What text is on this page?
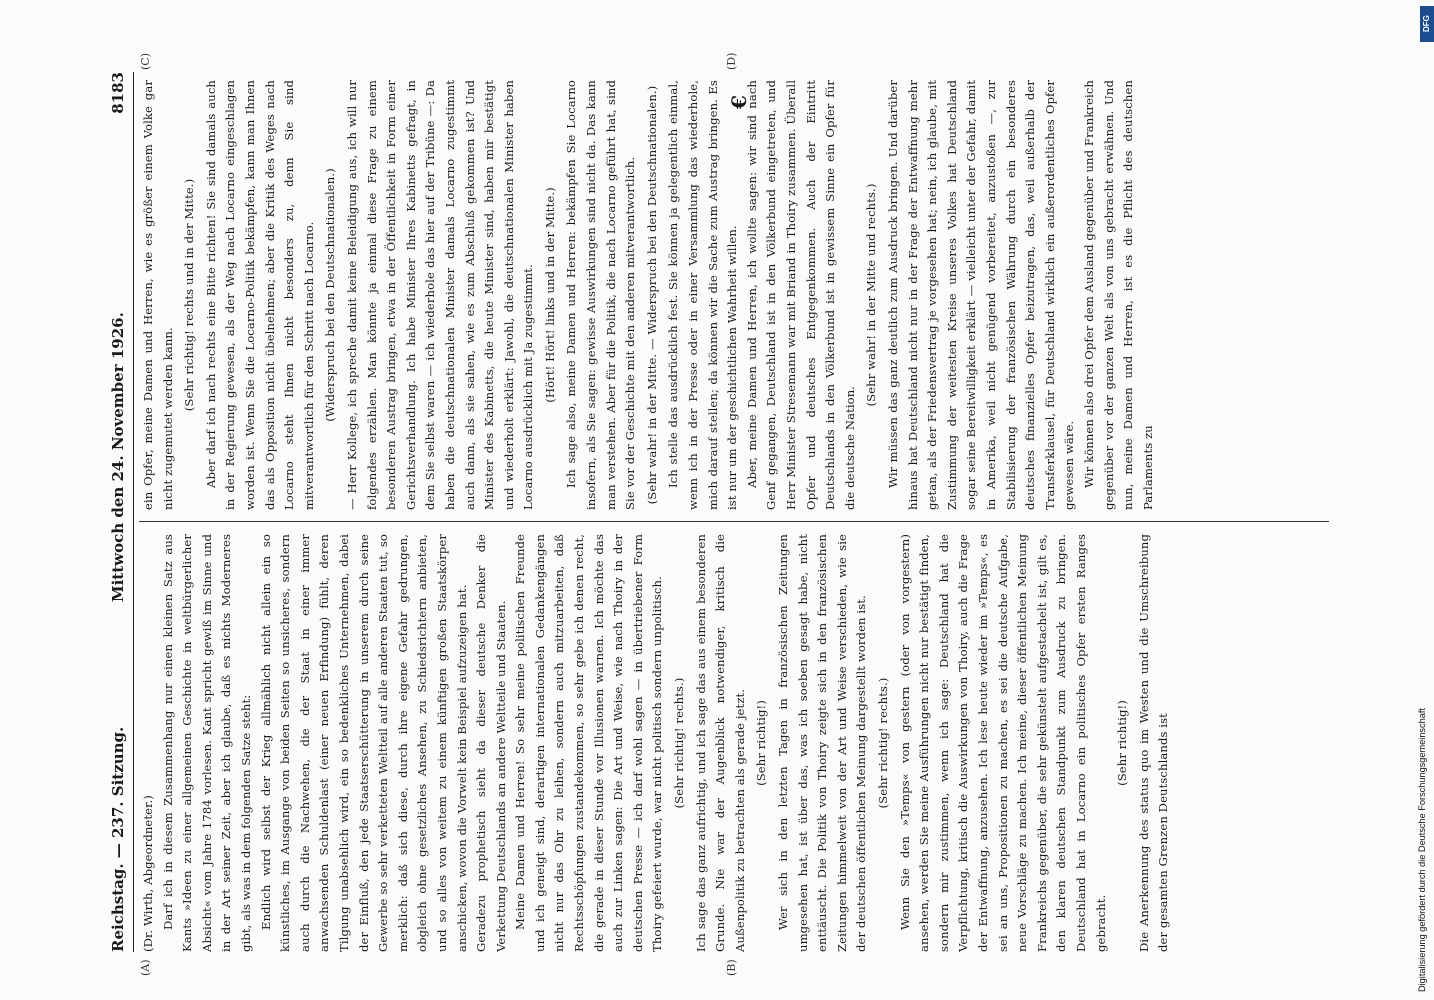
Reichstag. — 237. Sitzung.
Mittwoch den 24. November 1926.
8183
(A)	(B)
(C)	(D)
€

(Dr. Wirth, Abgeordneter.) Darf ich in diesem Zusammenhang nur einen kleinen Satz aus Kants »Ideen zu einer allgemeinen Geschichte in weltbürgerlicher Absicht« vom Jahre 1784 vorlesen. Kant spricht gewiß im Sinne und in der Art seiner Zeit, aber ich glaube, daß es nichts Moderneres gibt, als was in dem folgenden Satze steht: Endlich wird selbst der Krieg allmählich nicht allein ein so künstliches, im Ausgange von beiden Seiten so unsicheres, sondern auch durch die Nachwehen, die der Staat in einer immer anwachsenden Schuldenlast (einer neuen Erfindung) fühlt, deren Tilgung unabsehlich wird, ein so bedenkliches Unternehmen, dabei der Einfluß, den jede Staatserschütterung in unserem durch seine Gewerbe so sehr verketteten Weltteil auf alle anderen Staaten tut, so merklich: daß sich diese, durch ihre eigene Gefahr gedrungen, obgleich ohne gesetzliches Ansehen, zu Schiedsrichtern anbieten, und so alles von weitem zu einem künftigen großen Staatskörper anschicken, wovon die Vorwelt kein Beispiel aufzuzeigen hat. Geradezu prophetisch sieht da dieser deutsche Denker die Verkettung Deutschlands an andere Weltteile und Staaten. Meine Damen und Herren! So sehr meine politischen Freunde und ich geneigt sind, derartigen internationalen Gedankengängen nicht nur das Ohr zu leihen, sondern auch mitzuarbeiten, daß Rechtsschöpfungen zustandekommen, so sehr gebe ich denen recht, die gerade in dieser Stunde vor Illusionen warnen. Ich möchte das auch zur Linken sagen: Die Art und Weise, wie nach Thoiry in der deutschen Presse — ich darf wohl sagen — in übertriebener Form Thoiry gefeiert wurde, war nicht politisch sondern unpolitisch. (Sehr richtig! rechts.) Ich sage das ganz aufrichtig, und ich sage das aus einem besonderen Grunde. Nie war der Augenblick notwendiger, kritisch die Außenpolitik zu betrachten als gerade jetzt. (Sehr richtig!) Wer sich in den letzten Tagen in französischen Zeitungen umgesehen hat, ist über das, was ich soeben gesagt habe, nicht enttäuscht. Die Politik von Thoiry zeigte sich in den französischen Zeitungen himmelweit von der Art und Weise verschieden, wie sie der deutschen öffentlichen Meinung dargestellt worden ist. (Sehr richtig! rechts.) Wenn Sie den »Temps« von gestern (oder von vorgestern) ansehen, werden Sie meine Ausführungen nicht nur bestätigt finden, sondern mir zustimmen, wenn ich sage: Deutschland hat die Verpflichtung, kritisch die Auswirkungen von Thoiry, auch die Frage der Entwaffnung, anzusehen. Ich lese heute wieder im »Temps«, es sei an uns, Propositionen zu machen, es sei die deutsche Aufgabe, neue Vorschläge zu machen. Ich meine, dieser öffentlichen Meinung Frankreichs gegenüber, die sehr gekünstelt aufgestachelt ist, gilt es, den klaren deutschen Standpunkt zum Ausdruck zu bringen. Deutschland hat in Locarno ein politisches Opfer ersten Ranges gebracht.

(Sehr richtig!) Die Anerkennung des status quo im Westen und die Umschreibung der gesamten Grenzen Deutschlands ist

ein Opfer, meine Damen und Herren, wie es größer einem Volke gar nicht zugemutet werden kann.

(Sehr richtig! rechts und in der Mitte.) Aber darf ich nach rechts eine Bitte richten! Sie sind damals auch in der Regierung gewesen, als der Weg nach Locarno eingeschlagen worden ist. Wenn Sie die Locarno-Politik bekämpfen, kann man Ihnen das als Opposition nicht übelnehmen; aber die Kritik des Weges nach Locarno steht Ihnen nicht besonders zu, denn Sie sind mitverantwortlich für den Schritt nach Locarno. (Widerspruch bei den Deutschnationalen.) — Herr Kollege, ich spreche damit keine Beleidigung aus, ich will nur folgendes erzählen. Man könnte ja einmal diese Frage zu einem besonderen Austrag bringen, etwa in der Öffentlichkeit in Form einer Gerichtsverhandlung. Ich habe Minister Ihres Kabinetts gefragt, in dem Sie selbst waren — ich wiederhole das hier auf der Tribüne —: Da haben die deutschnationalen Minister damals Locarno zugestimmt auch dann, als sie sahen, wie es zum Abschluß gekommen ist? Und Minister des Kabinetts, die heute Minister sind, haben mir bestätigt und wiederholt erklärt: Jawohl, die deutschnationalen Minister haben Locarno ausdrücklich mit Ja zugestimmt. (Hört! Hört! links und in der Mitte.) Ich sage also, meine Damen und Herren: bekämpfen Sie Locarno insofern, als Sie sagen: gewisse Auswirkungen sind nicht da. Das kann man verstehen. Aber für die Politik, die nach Locarno geführt hat, sind Sie vor der Geschichte mit den anderen mitverantwortlich. (Sehr wahr! in der Mitte. — Widerspruch bei den Deutschnationalen.) Ich stelle das ausdrücklich fest. Sie können ja gelegentlich einmal, wenn ich in der Presse oder in einer Versammlung das wiederhole, mich darauf stellen; da können wir die Sache zum Austrag bringen. Es ist nur um der geschichtlichen Wahrheit willen. Aber, meine Damen und Herren, ich wollte sagen: wir sind nach Genf gegangen, Deutschland ist in den Völkerbund eingetreten, und Herr Minister Stresemann war mit Briand in Thoiry zusammen. Überall Opfer und deutsches Entgegenkommen. Auch der Eintritt Deutschlands in den Völkerbund ist in gewissem Sinne ein Opfer für die deutsche Nation.

(Sehr wahr! in der Mitte und rechts.) Wir müssen das ganz deutlich zum Ausdruck bringen. Und darüber hinaus hat Deutschland nicht nur in der Frage der Entwaffnung mehr getan, als der Friedensvertrag je vorgesehen hat; nein, ich glaube, mit Zustimmung der weitesten Kreise unseres Volkes hat Deutschland sogar seine Bereitwilligkeit erklärt — vielleicht unter der Gefahr, damit in Amerika, weil nicht genügend vorbereitet, anzustoßen —, zur Stabilisierung der französischen Währung durch ein besonderes deutsches finanzielles Opfer beizutragen, das, weil außerhalb der Transferklausel, für Deutschland wirklich ein außerordentliches Opfer gewesen wäre. Wir können also drei Opfer dem Ausland gegenüber und Frankreich gegenüber vor der ganzen Welt als von uns gebracht erwähnen. Und nun, meine Damen und Herren, ist es die Pflicht des deutschen Parlaments zu

DFG
Digitalisierung gefördert durch die Deutsche Forschungsgemeinschaft
